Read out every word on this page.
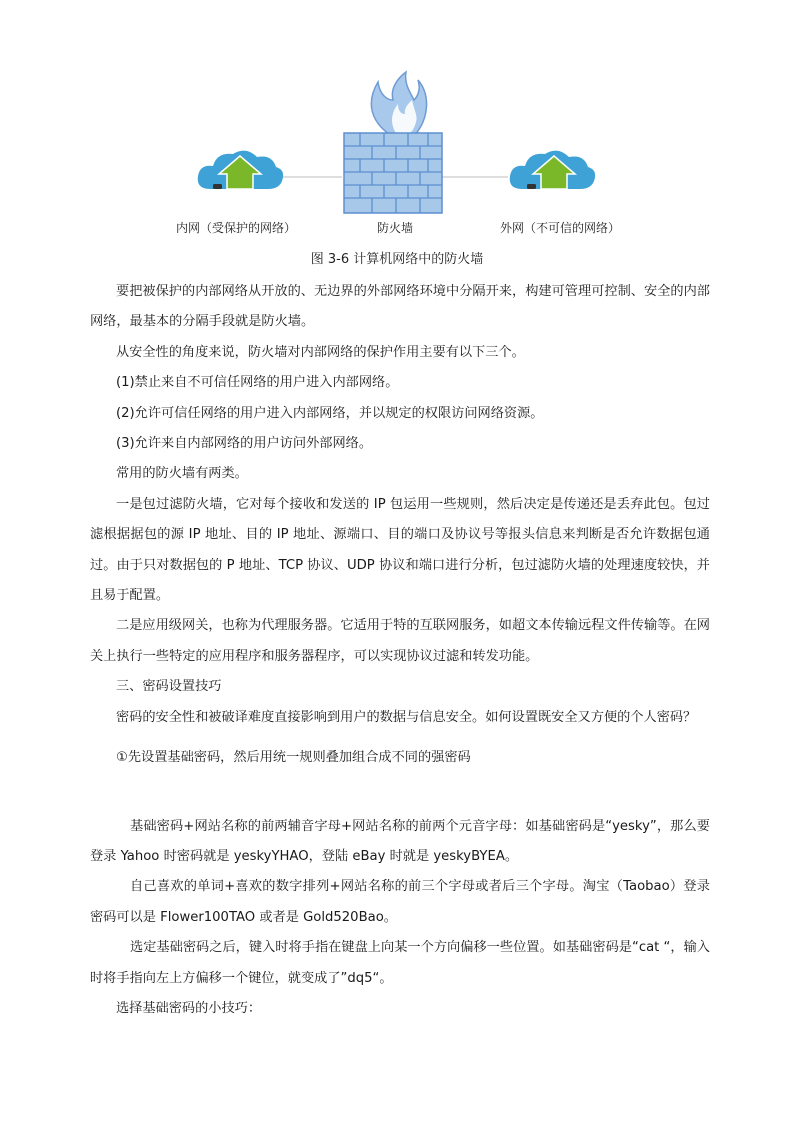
内网（受保护的网络）	防火墙	外网（不可信的网络）
图 3-6 计算机网络中的防火墙

要把被保护的内部网络从开放的、无边界的外部网络环境中分隔开来，构建可管理可控制、安全的内部网络，最基本的分隔手段就是防火墙。

从安全性的角度来说，防火墙对内部网络的保护作用主要有以下三个。

(1)禁止来自不可信任网络的用户进入内部网络。

(2)允许可信任网络的用户进入内部网络，并以规定的权限访问网络资源。

(3)允许来自内部网络的用户访问外部网络。

常用的防火墙有两类。

一是包过滤防火墙，它对每个接收和发送的 IP 包运用一些规则，然后决定是传递还是丢弃此包。包过滤根据据包的源 IP 地址、目的 IP 地址、源端口、目的端口及协议号等报头信息来判断是否允许数据包通过。由于只对数据包的 P 地址、TCP 协议、UDP 协议和端口进行分析，包过滤防火墙的处理速度较快，并且易于配置。

二是应用级网关，也称为代理服务器。它适用于特的互联网服务，如超文本传输远程文件传输等。在网关上执行一些特定的应用程序和服务器程序，可以实现协议过滤和转发功能。

三、密码设置技巧

密码的安全性和被破译难度直接影响到用户的数据与信息安全。如何设置既安全又方便的个人密码？

①先设置基础密码，然后用统一规则叠加组合成不同的强密码

基础密码+网站名称的前两辅音字母+网站名称的前两个元音字母：如基础密码是“yesky”，那么要登录 Yahoo 时密码就是 yeskyYHAO，登陆 eBay 时就是 yeskyBYEA。

自己喜欢的单词+喜欢的数字排列+网站名称的前三个字母或者后三个字母。淘宝（Taobao）登录密码可以是 Flower100TAO 或者是 Gold520Bao。

选定基础密码之后，键入时将手指在键盘上向某一个方向偏移一些位置。如基础密码是“cat “，输入时将手指向左上方偏移一个键位，就变成了”dq5“。

选择基础密码的小技巧：
